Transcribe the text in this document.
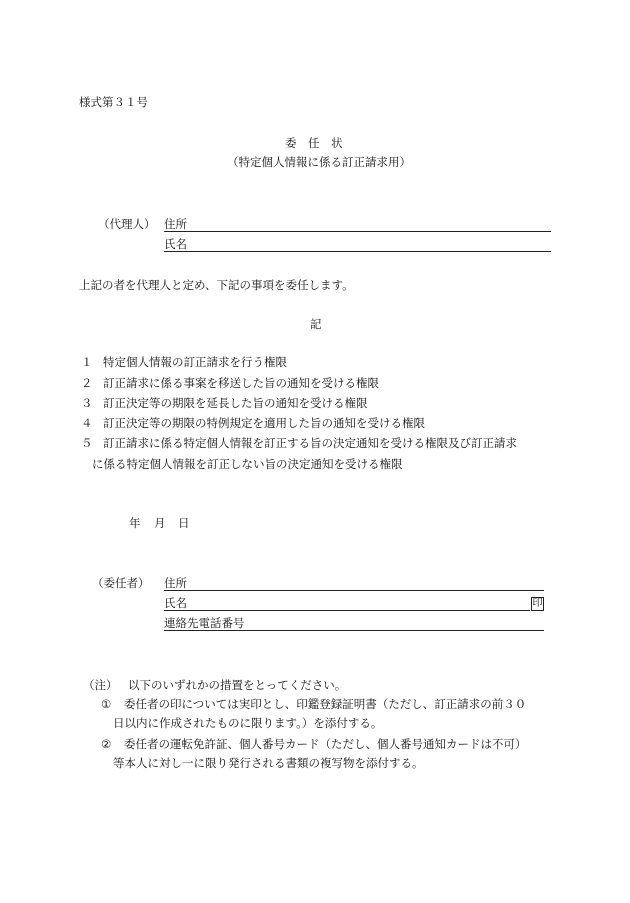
様式第３１号
委　任　状
（特定個人情報に係る訂正請求用）
（代理人） 住所
氏名
上記の者を代理人と定め、下記の事項を委任します。
記
１ 特定個人情報の訂正請求を行う権限
２ 訂正請求に係る事案を移送した旨の通知を受ける権限
３ 訂正決定等の期限を延長した旨の通知を受ける権限
４ 訂正決定等の期限の特例規定を適用した旨の通知を受ける権限
５ 訂正請求に係る特定個人情報を訂正する旨の決定通知を受ける権限及び訂正請求
に係る特定個人情報を訂正しない旨の決定通知を受ける権限
年 月 日
（委任者） 住所
氏名	印
連絡先電話番号
（注） 以下のいずれかの措置をとってください。
① 委任者の印については実印とし、印鑑登録証明書（ただし、訂正請求の前３０
日以内に作成されたものに限ります。）を添付する。
② 委任者の運転免許証、個人番号カード（ただし、個人番号通知カードは不可）
等本人に対し一に限り発行される書類の複写物を添付する。
